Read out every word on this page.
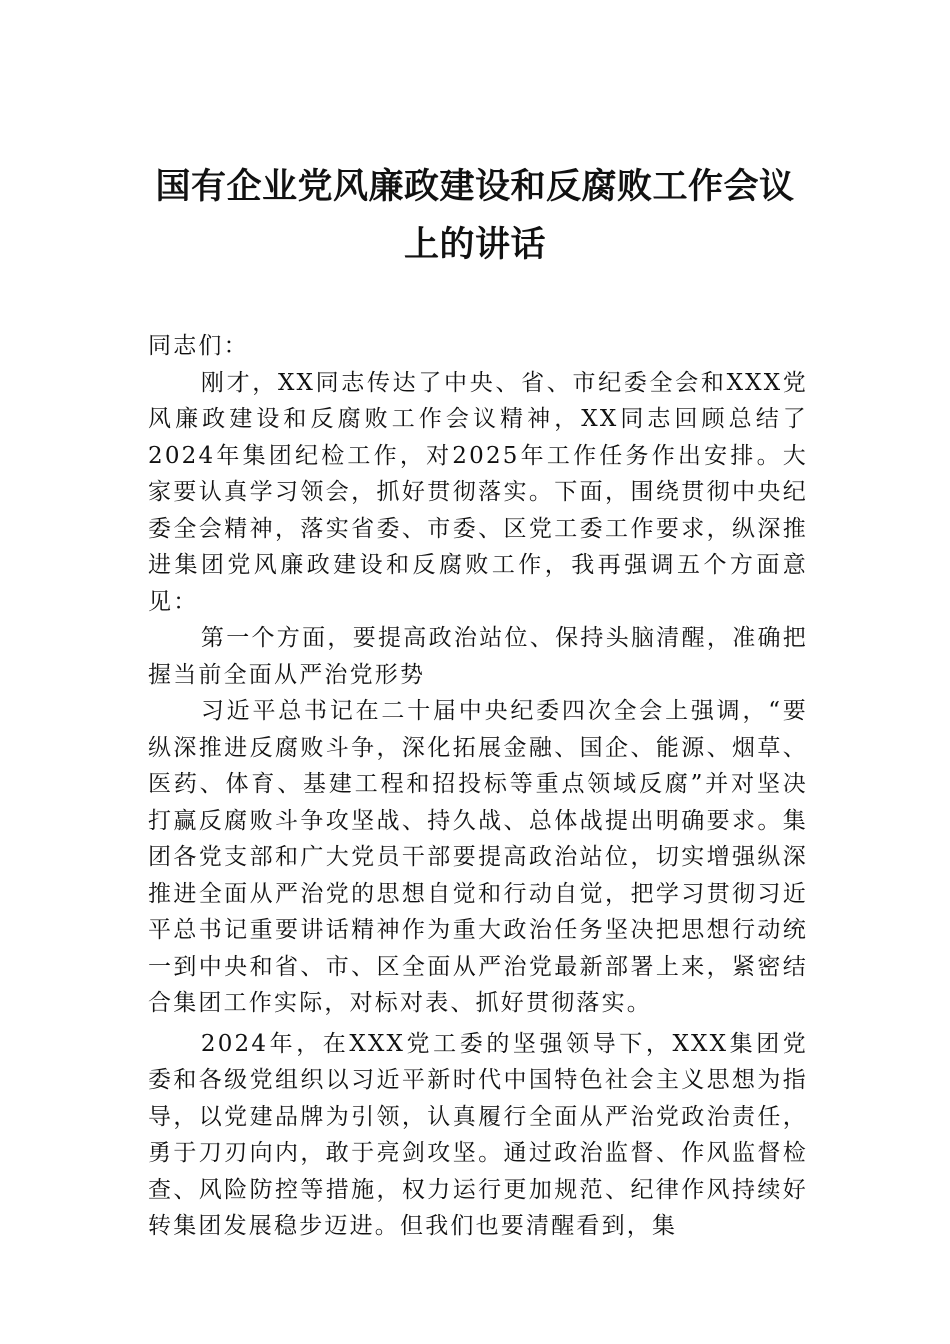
国有企业党风廉政建设和反腐败工作会议
上的讲话

同志们：

刚才，XX同志传达了中央、省、市纪委全会和XXX党风廉政建设和反腐败工作会议精神，XX同志回顾总结了2024年集团纪检工作，对2025年工作任务作出安排。大家要认真学习领会，抓好贯彻落实。下面，围绕贯彻中央纪委全会精神，落实省委、市委、区党工委工作要求，纵深推进集团党风廉政建设和反腐败工作，我再强调五个方面意见：

第一个方面，要提高政治站位、保持头脑清醒，准确把握当前全面从严治党形势

习近平总书记在二十届中央纪委四次全会上强调，“要纵深推进反腐败斗争，深化拓展金融、国企、能源、烟草、医药、体育、基建工程和招投标等重点领域反腐”并对坚决打赢反腐败斗争攻坚战、持久战、总体战提出明确要求。集团各党支部和广大党员干部要提高政治站位，切实增强纵深推进全面从严治党的思想自觉和行动自觉，把学习贯彻习近平总书记重要讲话精神作为重大政治任务坚决把思想行动统一到中央和省、市、区全面从严治党最新部署上来，紧密结合集团工作实际，对标对表、抓好贯彻落实。

2024年，在XXX党工委的坚强领导下，XXX集团党委和各级党组织以习近平新时代中国特色社会主义思想为指导，以党建品牌为引领，认真履行全面从严治党政治责任，勇于刀刃向内，敢于亮剑攻坚。通过政治监督、作风监督检查、风险防控等措施，权力运行更加规范、纪律作风持续好转集团发展稳步迈进。但我们也要清醒看到，集
